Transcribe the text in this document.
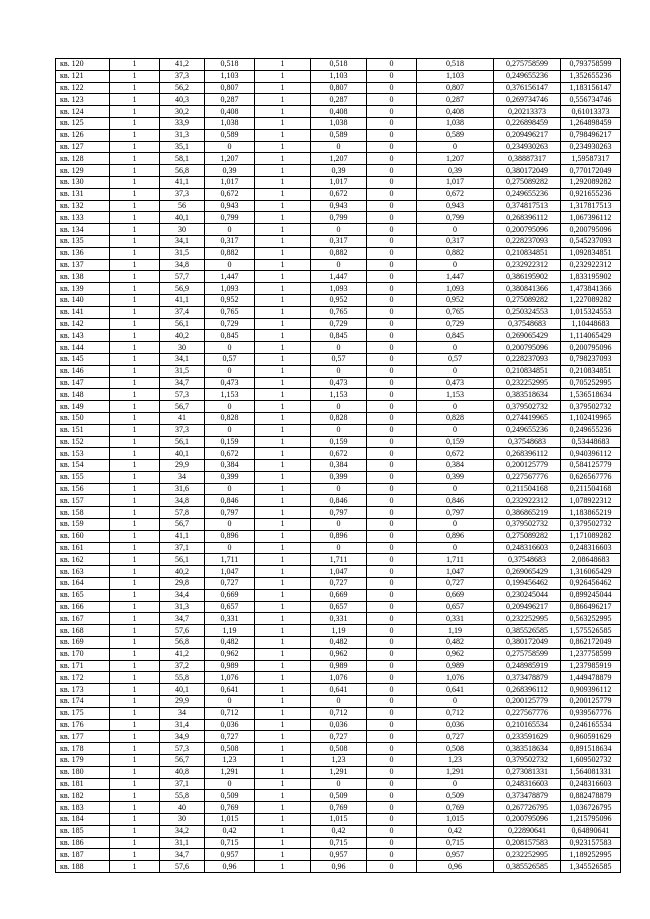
кв. 120	1	41,2	0,518	1	0,518	0	0,518	0,275758599	0,793758599
кв. 121	1	37,3	1,103	1	1,103	0	1,103	0,249655236	1,352655236
кв. 122	1	56,2	0,807	1	0,807	0	0,807	0,376156147	1,183156147
кв. 123	1	40,3	0,287	1	0,287	0	0,287	0,269734746	0,556734746
кв. 124	1	30,2	0,408	1	0,408	0	0,408	0,20213373	0,61013373
кв. 125	1	33,9	1,038	1	1,038	0	1,038	0,226898459	1,264898459
кв. 126	1	31,3	0,589	1	0,589	0	0,589	0,209496217	0,798496217
кв. 127	1	35,1	0	1	0	0	0	0,234930263	0,234930263
кв. 128	1	58,1	1,207	1	1,207	0	1,207	0,38887317	1,59587317
кв. 129	1	56,8	0,39	1	0,39	0	0,39	0,380172049	0,770172049
кв. 130	1	41,1	1,017	1	1,017	0	1,017	0,275089282	1,292089282
кв. 131	1	37,3	0,672	1	0,672	0	0,672	0,249655236	0,921655236
кв. 132	1	56	0,943	1	0,943	0	0,943	0,374817513	1,317817513
кв. 133	1	40,1	0,799	1	0,799	0	0,799	0,268396112	1,067396112
кв. 134	1	30	0	1	0	0	0	0,200795096	0,200795096
кв. 135	1	34,1	0,317	1	0,317	0	0,317	0,228237093	0,545237093
кв. 136	1	31,5	0,882	1	0,882	0	0,882	0,210834851	1,092834851
кв. 137	1	34,8	0	1	0	0	0	0,232922312	0,232922312
кв. 138	1	57,7	1,447	1	1,447	0	1,447	0,386195902	1,833195902
кв. 139	1	56,9	1,093	1	1,093	0	1,093	0,380841366	1,473841366
кв. 140	1	41,1	0,952	1	0,952	0	0,952	0,275089282	1,227089282
кв. 141	1	37,4	0,765	1	0,765	0	0,765	0,250324553	1,015324553
кв. 142	1	56,1	0,729	1	0,729	0	0,729	0,37548683	1,10448683
кв. 143	1	40,2	0,845	1	0,845	0	0,845	0,269065429	1,114065429
кв. 144	1	30	0	1	0	0	0	0,200795096	0,200795096
кв. 145	1	34,1	0,57	1	0,57	0	0,57	0,228237093	0,798237093
кв. 146	1	31,5	0	1	0	0	0	0,210834851	0,210834851
кв. 147	1	34,7	0,473	1	0,473	0	0,473	0,232252995	0,705252995
кв. 148	1	57,3	1,153	1	1,153	0	1,153	0,383518634	1,536518634
кв. 149	1	56,7	0	1	0	0	0	0,379502732	0,379502732
кв. 150	1	41	0,828	1	0,828	0	0,828	0,274419965	1,102419965
кв. 151	1	37,3	0	1	0	0	0	0,249655236	0,249655236
кв. 152	1	56,1	0,159	1	0,159	0	0,159	0,37548683	0,53448683
кв. 153	1	40,1	0,672	1	0,672	0	0,672	0,268396112	0,940396112
кв. 154	1	29,9	0,384	1	0,384	0	0,384	0,200125779	0,584125779
кв. 155	1	34	0,399	1	0,399	0	0,399	0,227567776	0,626567776
кв. 156	1	31,6	0	1	0	0	0	0,211504168	0,211504168
кв. 157	1	34,8	0,846	1	0,846	0	0,846	0,232922312	1,078922312
кв. 158	1	57,8	0,797	1	0,797	0	0,797	0,386865219	1,183865219
кв. 159	1	56,7	0	1	0	0	0	0,379502732	0,379502732
кв. 160	1	41,1	0,896	1	0,896	0	0,896	0,275089282	1,171089282
кв. 161	1	37,1	0	1	0	0	0	0,248316603	0,248316603
кв. 162	1	56,1	1,711	1	1,711	0	1,711	0,37548683	2,08648683
кв. 163	1	40,2	1,047	1	1,047	0	1,047	0,269065429	1,316065429
кв. 164	1	29,8	0,727	1	0,727	0	0,727	0,199456462	0,926456462
кв. 165	1	34,4	0,669	1	0,669	0	0,669	0,230245044	0,899245044
кв. 166	1	31,3	0,657	1	0,657	0	0,657	0,209496217	0,866496217
кв. 167	1	34,7	0,331	1	0,331	0	0,331	0,232252995	0,563252995
кв. 168	1	57,6	1,19	1	1,19	0	1,19	0,385526585	1,575526585
кв. 169	1	56,8	0,482	1	0,482	0	0,482	0,380172049	0,862172049
кв. 170	1	41,2	0,962	1	0,962	0	0,962	0,275758599	1,237758599
кв. 171	1	37,2	0,989	1	0,989	0	0,989	0,248985919	1,237985919
кв. 172	1	55,8	1,076	1	1,076	0	1,076	0,373478879	1,449478879
кв. 173	1	40,1	0,641	1	0,641	0	0,641	0,268396112	0,909396112
кв. 174	1	29,9	0	1	0	0	0	0,200125779	0,200125779
кв. 175	1	34	0,712	1	0,712	0	0,712	0,227567776	0,939567776
кв. 176	1	31,4	0,036	1	0,036	0	0,036	0,210165534	0,246165534
кв. 177	1	34,9	0,727	1	0,727	0	0,727	0,233591629	0,960591629
кв. 178	1	57,3	0,508	1	0,508	0	0,508	0,383518634	0,891518634
кв. 179	1	56,7	1,23	1	1,23	0	1,23	0,379502732	1,609502732
кв. 180	1	40,8	1,291	1	1,291	0	1,291	0,273081331	1,564081331
кв. 181	1	37,1	0	1	0	0	0	0,248316603	0,248316603
кв. 182	1	55,8	0,509	1	0,509	0	0,509	0,373478879	0,882478879
кв. 183	1	40	0,769	1	0,769	0	0,769	0,267726795	1,036726795
кв. 184	1	30	1,015	1	1,015	0	1,015	0,200795096	1,215795096
кв. 185	1	34,2	0,42	1	0,42	0	0,42	0,22890641	0,64890641
кв. 186	1	31,1	0,715	1	0,715	0	0,715	0,208157583	0,923157583
кв. 187	1	34,7	0,957	1	0,957	0	0,957	0,232252995	1,189252995
кв. 188	1	57,6	0,96	1	0,96	0	0,96	0,385526585	1,345526585
